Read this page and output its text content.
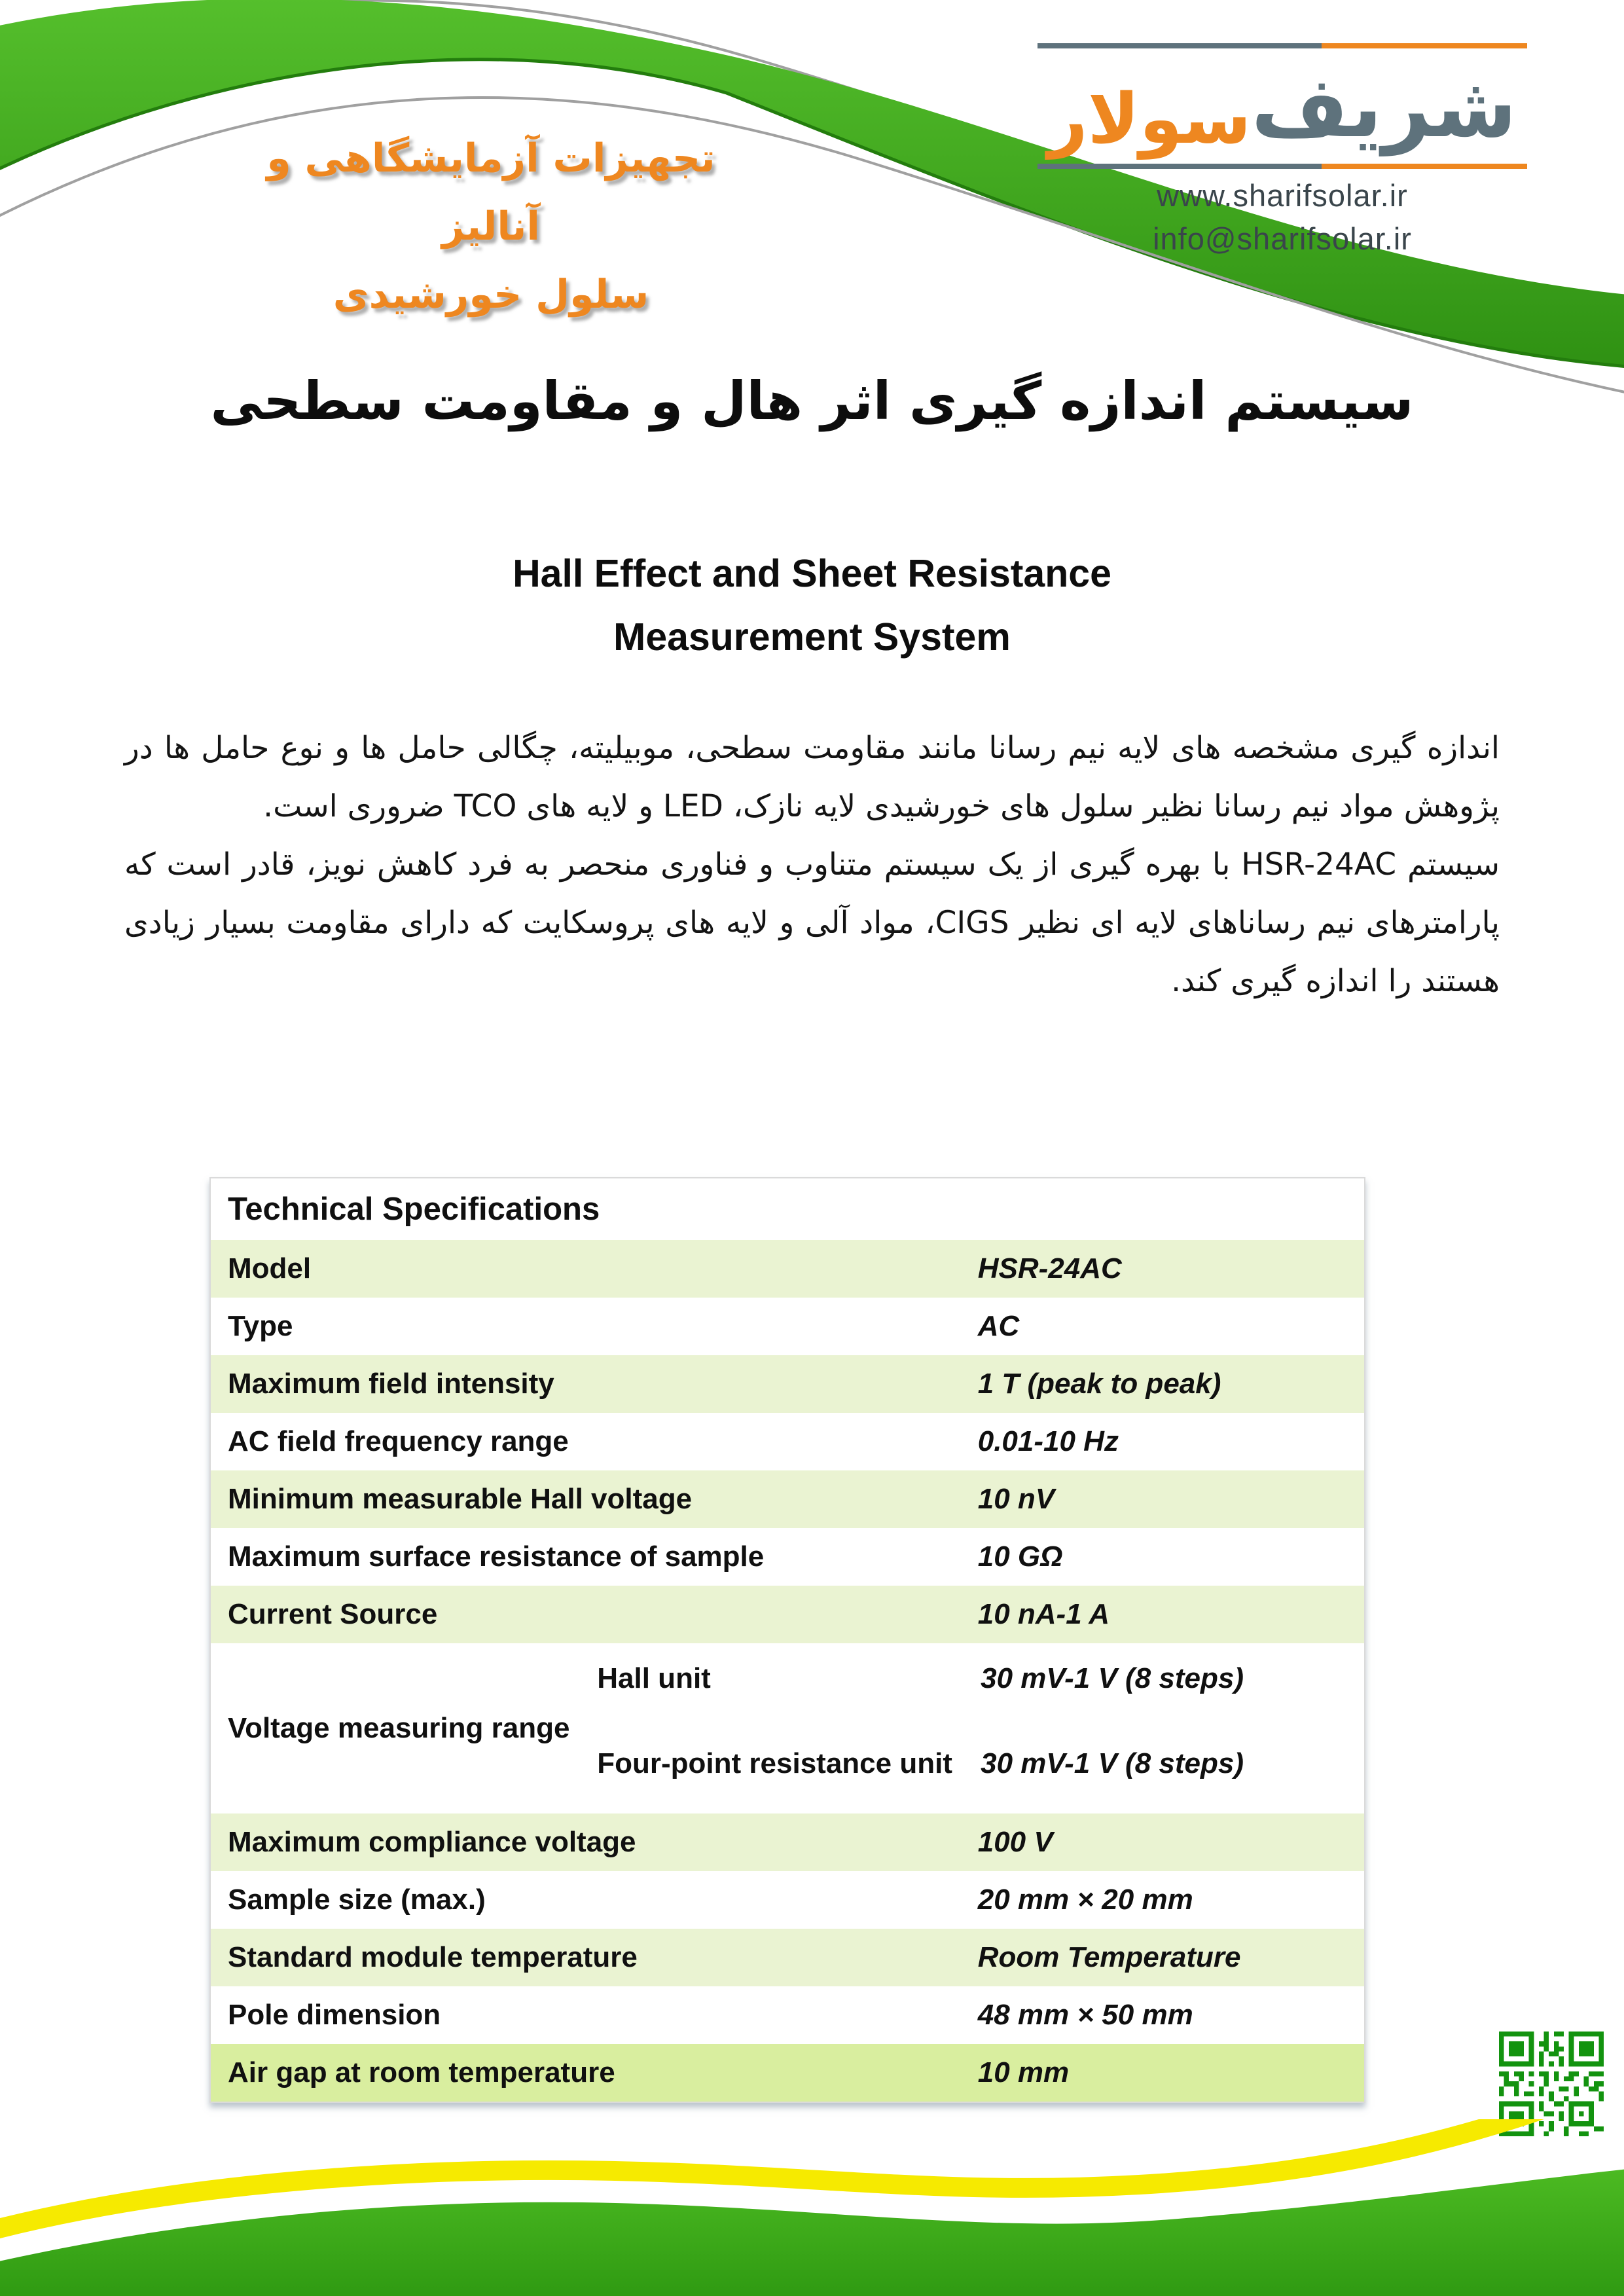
تجهیزات آزمایشگاهی و آنالیز
سلول خورشیدی
شریف
سولار
www.sharifsolar.ir
info@sharifsolar.ir
سیستم اندازه گیری اثر هال و مقاومت سطحی
Hall Effect and Sheet Resistance
Measurement System

اندازه گیری مشخصه های لایه نیم رسانا مانند مقاومت سطحی، موبیلیته، چگالی حامل ها و نوع حامل ها در پژوهش مواد نیم رسانا نظیر سلول های خورشیدی لایه نازک، LED و لایه های TCO ضروری است.

سیستم HSR-24AC با بهره گیری از یک سیستم متناوب و فناوری منحصر به فرد کاهش نویز، قادر است که پارامترهای نیم رساناهای لایه ای نظیر CIGS، مواد آلی و لایه های پروسکایت که دارای مقاومت بسیار زیادی هستند را اندازه گیری کند.

Technical Specifications
Model	HSR-24AC
Type	AC
Maximum field intensity	1 T (peak to peak)
AC field frequency range	0.01-10 Hz
Minimum measurable Hall voltage	10 nV
Maximum surface resistance of sample	10 GΩ
Current Source	10 nA-1 A
Voltage measuring range
Hall unit	30 mV-1 V (8 steps)
Four-point resistance unit 30 mV-1 V (8 steps)
Maximum compliance voltage	100 V
Sample size (max.)	20 mm × 20 mm
Standard module temperature	Room Temperature
Pole dimension	48 mm × 50 mm
Air gap at room temperature	10 mm
